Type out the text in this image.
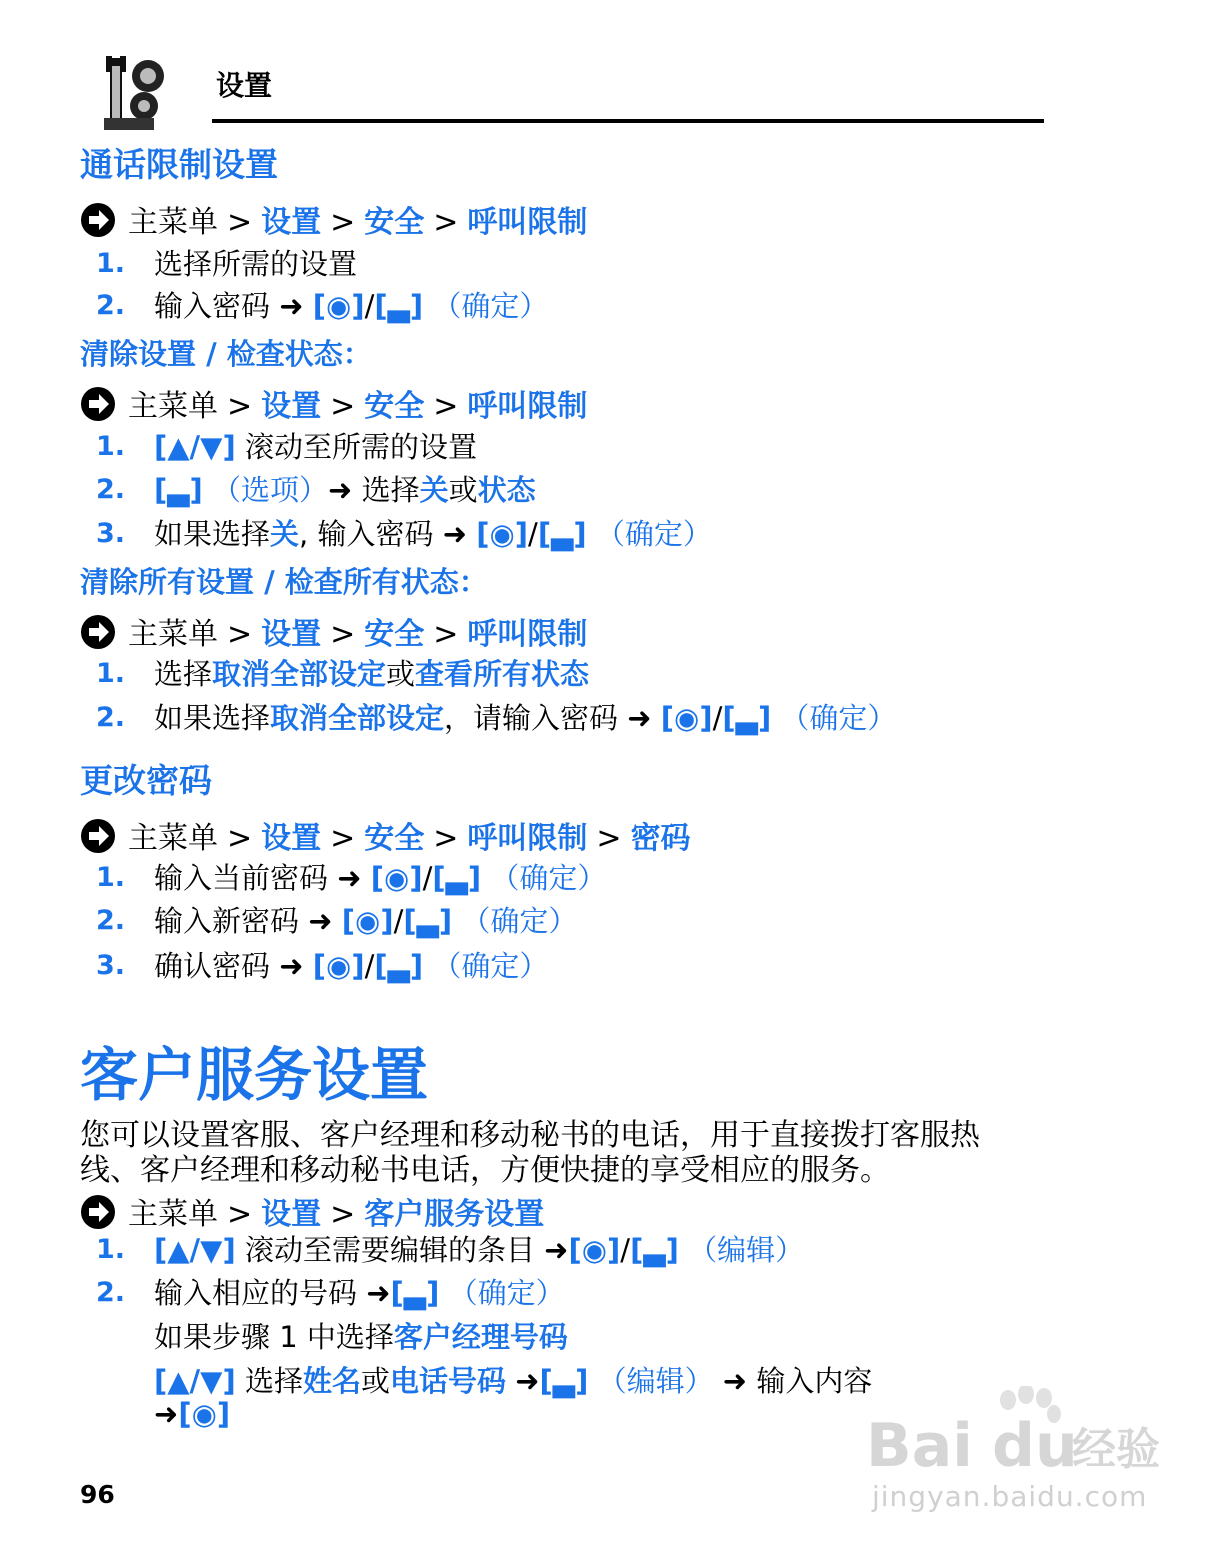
设置
通话限制设置
主菜单 > 设置 > 安全 > 呼叫限制
1. 选择所需的设置
2. 输入密码 ➜ [◉]/[▃] （确定）
清除设置 / 检查状态：
主菜单 > 设置 > 安全 > 呼叫限制
1. [▲/▼] 滚动至所需的设置
2. [▃] （选项）➜ 选择关或状态
3. 如果选择关, 输入密码 ➜ [◉]/[▃] （确定）
清除所有设置 / 检查所有状态：
主菜单 > 设置 > 安全 > 呼叫限制
1. 选择取消全部设定或查看所有状态
2. 如果选择取消全部设定，请输入密码 ➜ [◉]/[▃] （确定）
更改密码
主菜单 > 设置 > 安全 > 呼叫限制 > 密码
1. 输入当前密码 ➜ [◉]/[▃] （确定）
2. 输入新密码 ➜ [◉]/[▃] （确定）
3. 确认密码 ➜ [◉]/[▃] （确定）
客户服务设置
您可以设置客服、客户经理和移动秘书的电话，用于直接拨打客服热
线、客户经理和移动秘书电话，方便快捷的享受相应的服务。
主菜单 > 设置 > 客户服务设置
1. [▲/▼] 滚动至需要编辑的条目 ➜[◉]/[▃] （编辑）
2. 输入相应的号码 ➜[▃] （确定）
如果步骤 1 中选择客户经理号码
[▲/▼] 选择姓名或电话号码 ➜[▃] （编辑） ➜ 输入内容
➜[◉]
96
Bai du
经验
jingyan.baidu.com
